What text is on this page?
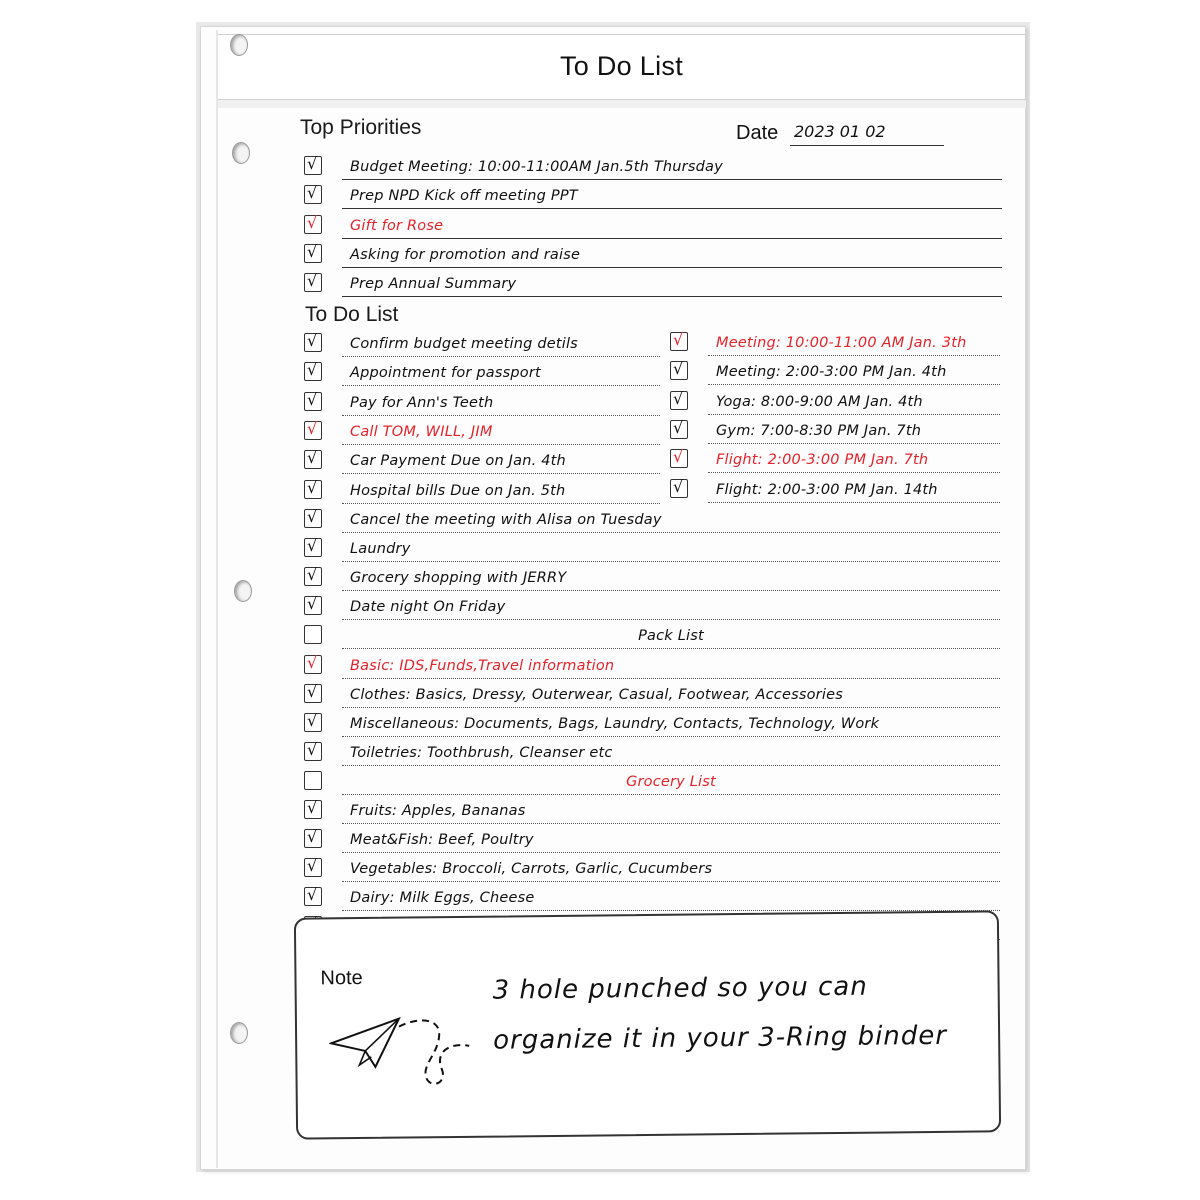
To Do List
Top Priorities	Date 2023 01 02
√ Budget Meeting: 10:00-11:00AM Jan.5th Thursday
√ Prep NPD Kick off meeting PPT
√ Gift for Rose
√ Asking for promotion and raise
√ Prep Annual Summary
To Do List
√ Confirm budget meeting detils
√ Appointment for passport
√ Pay for Ann's Teeth
√ Call TOM, WILL, JIM
√ Car Payment Due on Jan. 4th
√ Hospital bills Due on Jan. 5th
√ Meeting: 10:00-11:00 AM Jan. 3th
√ Meeting: 2:00-3:00 PM Jan. 4th
√ Yoga: 8:00-9:00 AM Jan. 4th
√ Gym: 7:00-8:30 PM Jan. 7th
√ Flight: 2:00-3:00 PM Jan. 7th
√ Flight: 2:00-3:00 PM Jan. 14th
√ Cancel the meeting with Alisa on Tuesday
√ Laundry
√ Grocery shopping with JERRY
√ Date night On Friday
Pack List
√ Basic: IDS,Funds,Travel information
√ Clothes: Basics, Dressy, Outerwear, Casual, Footwear, Accessories
√ Miscellaneous: Documents, Bags, Laundry, Contacts, Technology, Work
√ Toiletries: Toothbrush, Cleanser etc
Grocery List
√ Fruits: Apples, Bananas
√ Meat&Fish: Beef, Poultry
√ Vegetables: Broccoli, Carrots, Garlic, Cucumbers
√ Dairy: Milk Eggs, Cheese
Note	3 hole punched so you can
organize it in your 3-Ring binder
